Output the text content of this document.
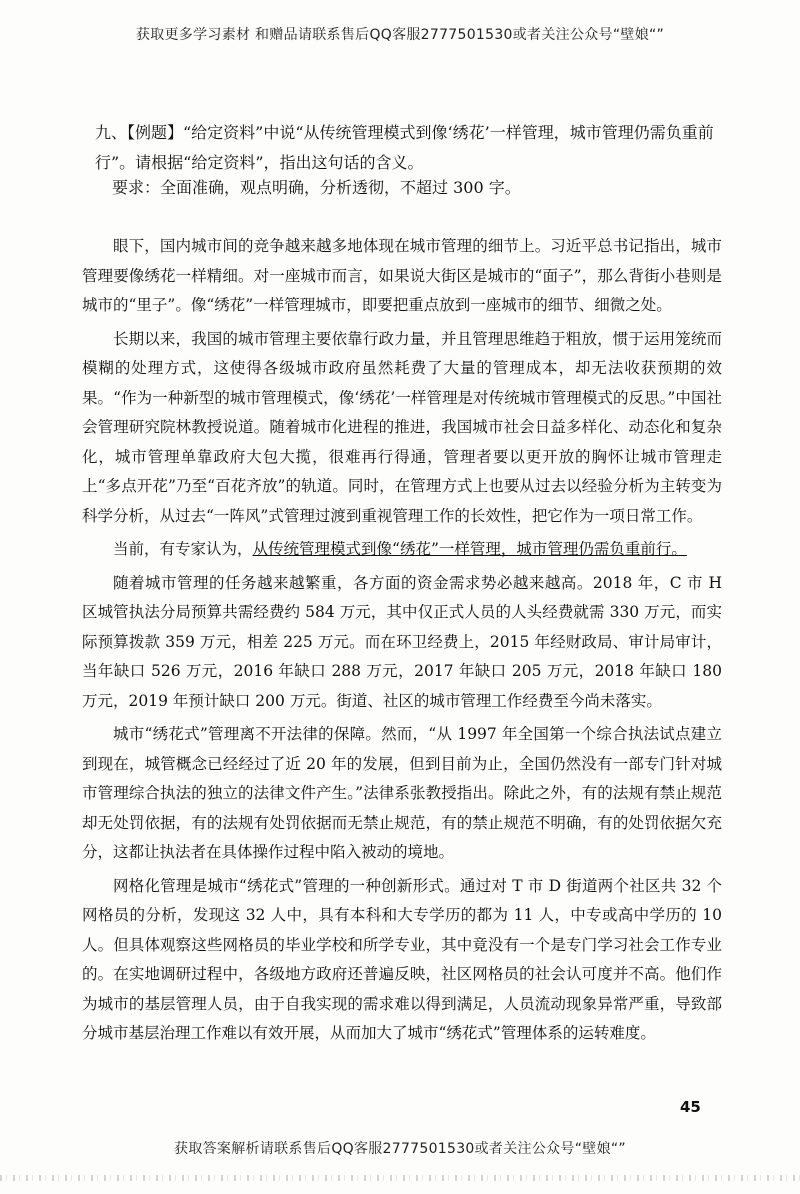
获取更多学习素材 和赠品请联系售后QQ客服2777501530或者关注公众号“壁娘“”
九、【例题】“给定资料”中说“从传统管理模式到像‘绣花’一样管理，城市管理仍需负重前行”。请根据“给定资料”，指出这句话的含义。
要求：全面准确，观点明确，分析透彻，不超过 300 字。

眼下，国内城市间的竞争越来越多地体现在城市管理的细节上。习近平总书记指出，城市管理要像绣花一样精细。对一座城市而言，如果说大街区是城市的“面子”，那么背街小巷则是城市的“里子”。像“绣花”一样管理城市，即要把重点放到一座城市的细节、细微之处。

长期以来，我国的城市管理主要依靠行政力量，并且管理思维趋于粗放，惯于运用笼统而模糊的处理方式，这使得各级城市政府虽然耗费了大量的管理成本，却无法收获预期的效果。“作为一种新型的城市管理模式，像‘绣花’一样管理是对传统城市管理模式的反思。”中国社会管理研究院林教授说道。随着城市化进程的推进，我国城市社会日益多样化、动态化和复杂化，城市管理单靠政府大包大揽，很难再行得通，管理者要以更开放的胸怀让城市管理走上“多点开花”乃至“百花齐放”的轨道。同时，在管理方式上也要从过去以经验分析为主转变为科学分析，从过去“一阵风”式管理过渡到重视管理工作的长效性，把它作为一项日常工作。

当前，有专家认为，从传统管理模式到像“绣花”一样管理，城市管理仍需负重前行。

随着城市管理的任务越来越繁重，各方面的资金需求势必越来越高。2018 年，C 市 H 区城管执法分局预算共需经费约 584 万元，其中仅正式人员的人头经费就需 330 万元，而实际预算拨款 359 万元，相差 225 万元。而在环卫经费上，2015 年经财政局、审计局审计，当年缺口 526 万元，2016 年缺口 288 万元，2017 年缺口 205 万元，2018 年缺口 180 万元，2019 年预计缺口 200 万元。街道、社区的城市管理工作经费至今尚未落实。

城市“绣花式”管理离不开法律的保障。然而，“从 1997 年全国第一个综合执法试点建立到现在，城管概念已经经过了近 20 年的发展，但到目前为止，全国仍然没有一部专门针对城市管理综合执法的独立的法律文件产生。”法律系张教授指出。除此之外，有的法规有禁止规范却无处罚依据，有的法规有处罚依据而无禁止规范，有的禁止规范不明确，有的处罚依据欠充分，这都让执法者在具体操作过程中陷入被动的境地。

网格化管理是城市“绣花式”管理的一种创新形式。通过对 T 市 D 街道两个社区共 32 个网格员的分析，发现这 32 人中，具有本科和大专学历的都为 11 人，中专或高中学历的 10 人。但具体观察这些网格员的毕业学校和所学专业，其中竟没有一个是专门学习社会工作专业的。在实地调研过程中，各级地方政府还普遍反映，社区网格员的社会认可度并不高。他们作为城市的基层管理人员，由于自我实现的需求难以得到满足，人员流动现象异常严重，导致部分城市基层治理工作难以有效开展，从而加大了城市“绣花式”管理体系的运转难度。

45
获取答案解析请联系售后QQ客服2777501530或者关注公众号“壁娘“”
